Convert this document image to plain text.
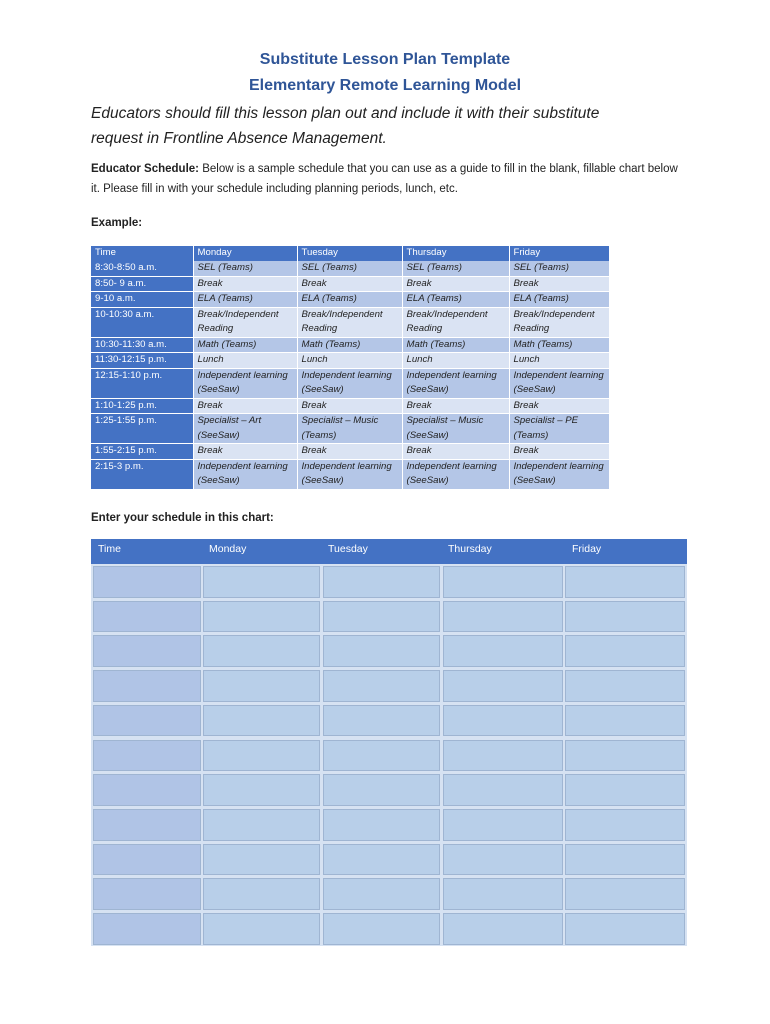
Substitute Lesson Plan Template
Elementary Remote Learning Model
Educators should fill this lesson plan out and include it with their substitute request in Frontline Absence Management.
Educator Schedule: Below is a sample schedule that you can use as a guide to fill in the blank, fillable chart below it. Please fill in with your schedule including planning periods, lunch, etc.
Example:
Time	Monday	Tuesday	Thursday	Friday
8:30-8:50 a.m.	SEL (Teams)	SEL (Teams)	SEL (Teams)	SEL (Teams)
8:50- 9 a.m.	Break	Break	Break	Break
9-10 a.m.	ELA (Teams)	ELA (Teams)	ELA (Teams)	ELA (Teams)
10-10:30 a.m.	Break/Independent Reading	Break/Independent Reading	Break/Independent Reading	Break/Independent Reading
10:30-11:30 a.m.	Math (Teams)	Math (Teams)	Math (Teams)	Math (Teams)
11:30-12:15 p.m.	Lunch	Lunch	Lunch	Lunch
12:15-1:10 p.m.	Independent learning (SeeSaw)	Independent learning (SeeSaw)	Independent learning (SeeSaw)	Independent learning (SeeSaw)
1:10-1:25 p.m.	Break	Break	Break	Break
1:25-1:55 p.m.	Specialist – Art (SeeSaw)	Specialist – Music (Teams)	Specialist – Music (SeeSaw)	Specialist – PE (Teams)
1:55-2:15 p.m.	Break	Break	Break	Break
2:15-3 p.m.	Independent learning (SeeSaw)	Independent learning (SeeSaw)	Independent learning (SeeSaw)	Independent learning (SeeSaw)
Enter your schedule in this chart:
Time	Monday	Tuesday	Thursday	Friday
